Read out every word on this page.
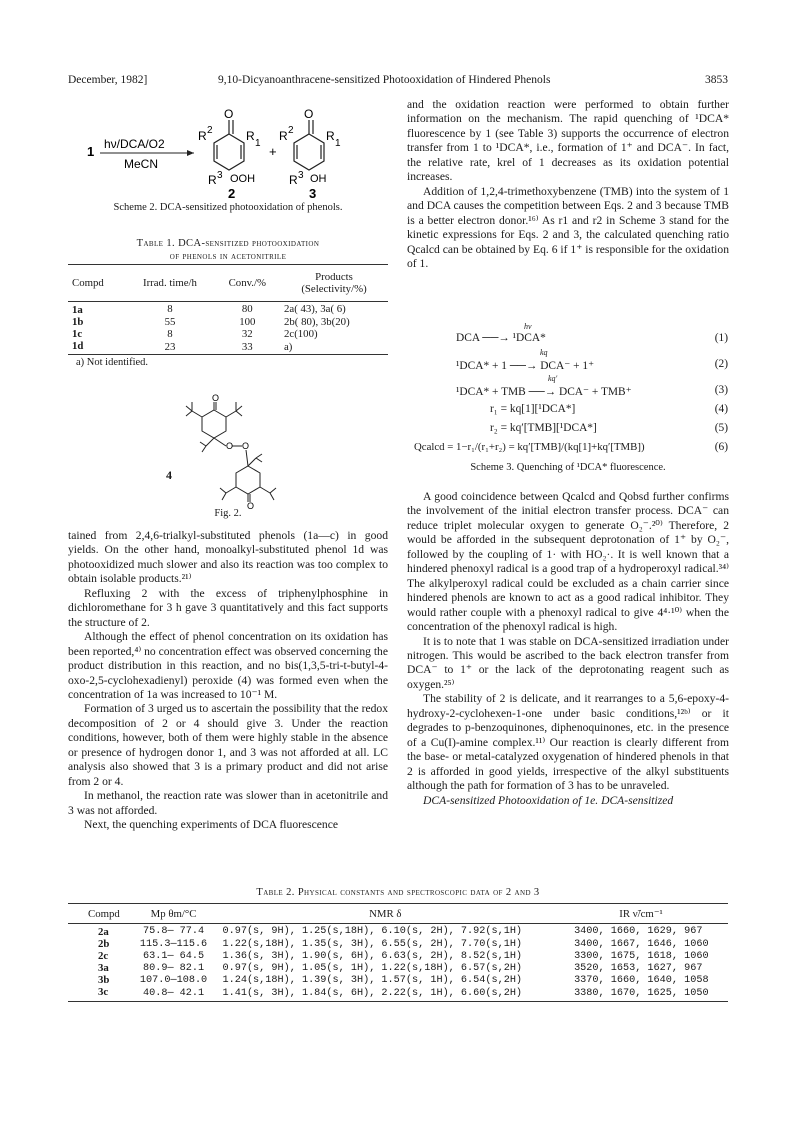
December, 1982]	9,10-Dicyanoanthracene-sensitized Photooxidation of Hindered Phenols	3853
1 hν/DCA/O2
MeCN
O
R 2	R
1
R 3 OOH
2
+
O
R 2	R
1
R 3 OH
3
Scheme 2. DCA-sensitized photooxidation of phenols.
Table 1. DCA-sensitized photooxidation
of phenols in acetonitrile
Compd	Irrad. time/h	Conv./%	Products (Selectivity/%)
1a	8	80	2a( 43), 3a( 6)
1b	55	100	2b( 80), 3b(20)
1c	8	32	2c(100)
1d	23	33	a)
a) Not identified.
O
O O
O
4
Fig. 2.

tained from 2,4,6-trialkyl-substituted phenols (1a—c) in good yields. On the other hand, monoalkyl-substituted phenol 1d was photooxidized much slower and also its reaction was too complex to obtain isolable products.²¹⁾

Refluxing 2 with the excess of triphenylphosphine in dichloromethane for 3 h gave 3 quantitatively and this fact supports the structure of 2.

Although the effect of phenol concentration on its oxidation has been reported,⁴⁾ no concentration effect was observed concerning the product distribution in this reaction, and no bis(1,3,5-tri-t-butyl-4-oxo-2,5-cyclohexadienyl) peroxide (4) was formed even when the concentration of 1a was increased to 10⁻¹ M.

Formation of 3 urged us to ascertain the possibility that the redox decomposition of 2 or 4 should give 3. Under the reaction conditions, however, both of them were highly stable in the absence or presence of hydrogen donor 1, and 3 was not afforded at all. LC analysis also showed that 3 is a primary product and did not arise from 2 or 4.

In methanol, the reaction rate was slower than in acetonitrile and 3 was not afforded.

Next, the quenching experiments of DCA fluorescence

and the oxidation reaction were performed to obtain further information on the mechanism. The rapid quenching of ¹DCA* fluorescence by 1 (see Table 3) supports the occurrence of electron transfer from 1 to ¹DCA*, i.e., formation of 1⁺ and DCA⁻. In fact, the relative rate, krel of 1 decreases as its oxidation potential increases.

Addition of 1,2,4-trimethoxybenzene (TMB) into the system of 1 and DCA causes the competition between Eqs. 2 and 3 because TMB is a better electron donor.¹⁶⁾ As r1 and r2 in Scheme 3 stand for the kinetic expressions for Eqs. 2 and 3, the calculated quenching ratio Qcalcd can be obtained by Eq. 6 if 1⁺ is responsible for the oxidation of 1.

DCA ──→ ¹DCA*
hν
(1)
¹DCA* + 1 ──→ DCA⁻ + 1⁺
kq
(2)
¹DCA* + TMB ──→ DCA⁻ + TMB⁺
kq′
(3)
r₁ = kq[1][¹DCA*]	(4)
r₂ = kq′[TMB][¹DCA*]	(5)
Qcalcd = 1−r₁/(r₁+r₂) = kq′[TMB]/(kq[1]+kq′[TMB])	(6)
Scheme 3. Quenching of ¹DCA* fluorescence.

A good coincidence between Qcalcd and Qobsd further confirms the involvement of the initial electron transfer process. DCA⁻ can reduce triplet molecular oxygen to generate O₂⁻.²⁰⁾ Therefore, 2 would be afforded in the subsequent deprotonation of 1⁺ by O₂⁻, followed by the coupling of 1· with HO₂·. It is well known that a hindered phenoxyl radical is a good trap of a hydroperoxyl radical.³⁴⁾ The alkylperoxyl radical could be excluded as a chain carrier since hindered phenols are known to act as a good radical inhibitor. They would rather couple with a phenoxyl radical to give 4⁴·¹⁰⁾ when the concentration of the phenoxyl radical is high.

It is to note that 1 was stable on DCA-sensitized irradiation under nitrogen. This would be ascribed to the back electron transfer from DCA⁻ to 1⁺ or the lack of the deprotonating reagent such as oxygen.²⁵⁾

The stability of 2 is delicate, and it rearranges to a 5,6-epoxy-4-hydroxy-2-cyclohexen-1-one under basic conditions,¹²ᵇ⁾ or it degrades to p-benzoquinones, diphenoquinones, etc. in the presence of a Cu(I)-amine complex.¹¹⁾ Our reaction is clearly different from the base- or metal-catalyzed oxygenation of hindered phenols in that 2 is afforded in good yields, irrespective of the alkyl substituents although the path for formation of 3 has to be unraveled.

DCA-sensitized Photooxidation of 1e. DCA-sensitized

Table 2. Physical constants and spectroscopic data of 2 and 3
Compd	Mp θm/°C	NMR δ	IR ν̃/cm⁻¹
2a	75.8— 77.4	0.97(s, 9H), 1.25(s,18H), 6.10(s, 2H), 7.92(s,1H)	3400, 1660, 1629, 967
2b	115.3—115.6	1.22(s,18H), 1.35(s, 3H), 6.55(s, 2H), 7.70(s,1H)	3400, 1667, 1646, 1060
2c	63.1— 64.5	1.36(s, 3H), 1.90(s, 6H), 6.63(s, 2H), 8.52(s,1H)	3300, 1675, 1618, 1060
3a	80.9— 82.1	0.97(s, 9H), 1.05(s, 1H), 1.22(s,18H), 6.57(s,2H)	3520, 1653, 1627, 967
3b	107.0—108.0	1.24(s,18H), 1.39(s, 3H), 1.57(s, 1H), 6.54(s,2H)	3370, 1660, 1640, 1058
3c	40.8— 42.1	1.41(s, 3H), 1.84(s, 6H), 2.22(s, 1H), 6.60(s,2H)	3380, 1670, 1625, 1050
